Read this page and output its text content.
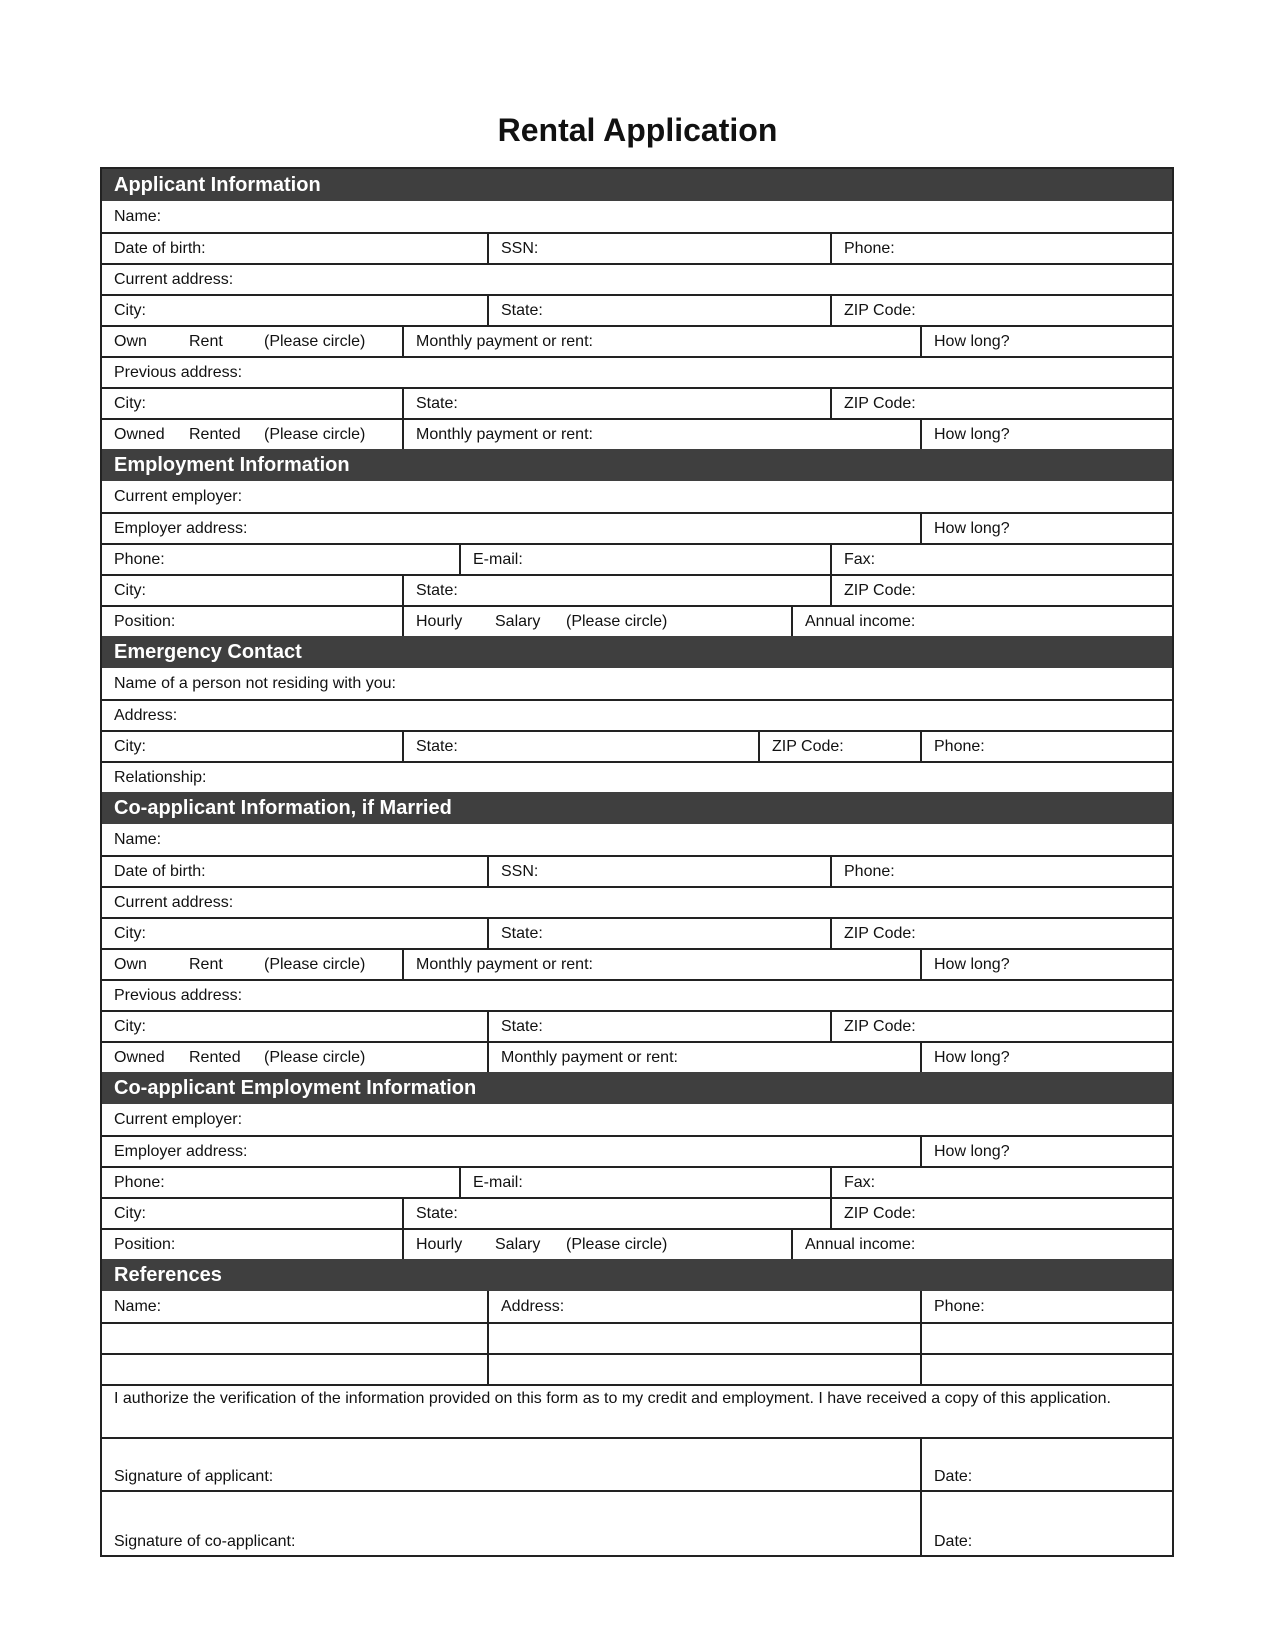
Rental Application
Applicant Information
Name:
Date of birth:	SSN:	Phone:
Current address:
City:	State:	ZIP Code:
Own	Rent	(Please circle)	Monthly payment or rent:	How long?
Previous address:
City:	State:	ZIP Code:
Owned	Rented	(Please circle)	Monthly payment or rent:	How long?
Employment Information
Current employer:
Employer address:	How long?
Phone:	E-mail:	Fax:
City:	State:	ZIP Code:
Position:	Hourly	Salary	(Please circle)	Annual income:
Emergency Contact
Name of a person not residing with you:
Address:
City:	State:	ZIP Code:	Phone:
Relationship:
Co-applicant Information, if Married
Name:
Date of birth:	SSN:	Phone:
Current address:
City:	State:	ZIP Code:
Own	Rent	(Please circle)	Monthly payment or rent:	How long?
Previous address:
City:	State:	ZIP Code:
Owned	Rented	(Please circle)	Monthly payment or rent:	How long?
Co-applicant Employment Information
Current employer:
Employer address:	How long?
Phone:	E-mail:	Fax:
City:	State:	ZIP Code:
Position:	Hourly	Salary	(Please circle)	Annual income:
References
Name:	Address:	Phone:
I authorize the verification of the information provided on this form as to my credit and employment. I have received a copy of this application.
Signature of applicant:	Date:
Signature of co-applicant:	Date:
